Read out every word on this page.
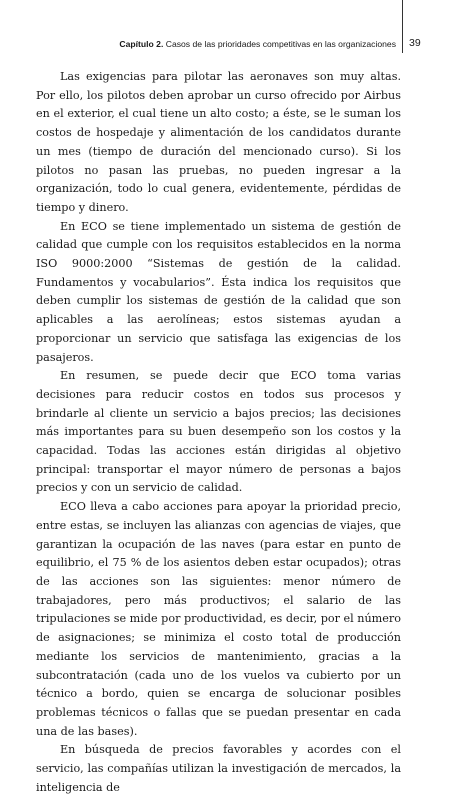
Capítulo 2. Casos de las prioridades competitivas en las organizaciones 39

Las exigencias para pilotar las aeronaves son muy altas. Por ello, los pilotos deben aprobar un curso ofrecido por Airbus en el exterior, el cual tiene un alto costo; a éste, se le suman los costos de hospedaje y alimentación de los candidatos durante un mes (tiempo de duración del mencionado curso). Si los pilotos no pasan las pruebas, no pueden ingresar a la organización, todo lo cual genera, evidentemente, pérdidas de tiempo y dinero.

En ECO se tiene implementado un sistema de gestión de calidad que cumple con los requisitos establecidos en la norma ISO 9000:2000 “Sistemas de gestión de la calidad. Fundamentos y vocabularios”. Ésta indica los requisitos que deben cumplir los sistemas de gestión de la calidad que son aplicables a las aerolíneas; estos sistemas ayudan a proporcionar un servicio que satisfaga las exigencias de los pasajeros.

En resumen, se puede decir que ECO toma varias decisiones para reducir costos en todos sus procesos y brindarle al cliente un servicio a bajos precios; las decisiones más importantes para su buen desempeño son los costos y la capacidad. Todas las acciones están dirigidas al objetivo principal: transportar el mayor número de personas a bajos precios y con un servicio de calidad.

ECO lleva a cabo acciones para apoyar la prioridad precio, entre estas, se incluyen las alianzas con agencias de viajes, que garantizan la ocupación de las naves (para estar en punto de equilibrio, el 75 % de los asientos deben estar ocupados); otras de las acciones son las siguientes: menor número de trabajadores, pero más productivos; el salario de las tripulaciones se mide por productividad, es decir, por el número de asignaciones; se minimiza el costo total de producción mediante los servicios de mantenimiento, gracias a la subcontratación (cada uno de los vuelos va cubierto por un técnico a bordo, quien se encarga de solucionar posibles problemas técnicos o fallas que se puedan presentar en cada una de las bases).

En búsqueda de precios favorables y acordes con el servicio, las compañías utilizan la investigación de mercados, la inteligencia de
